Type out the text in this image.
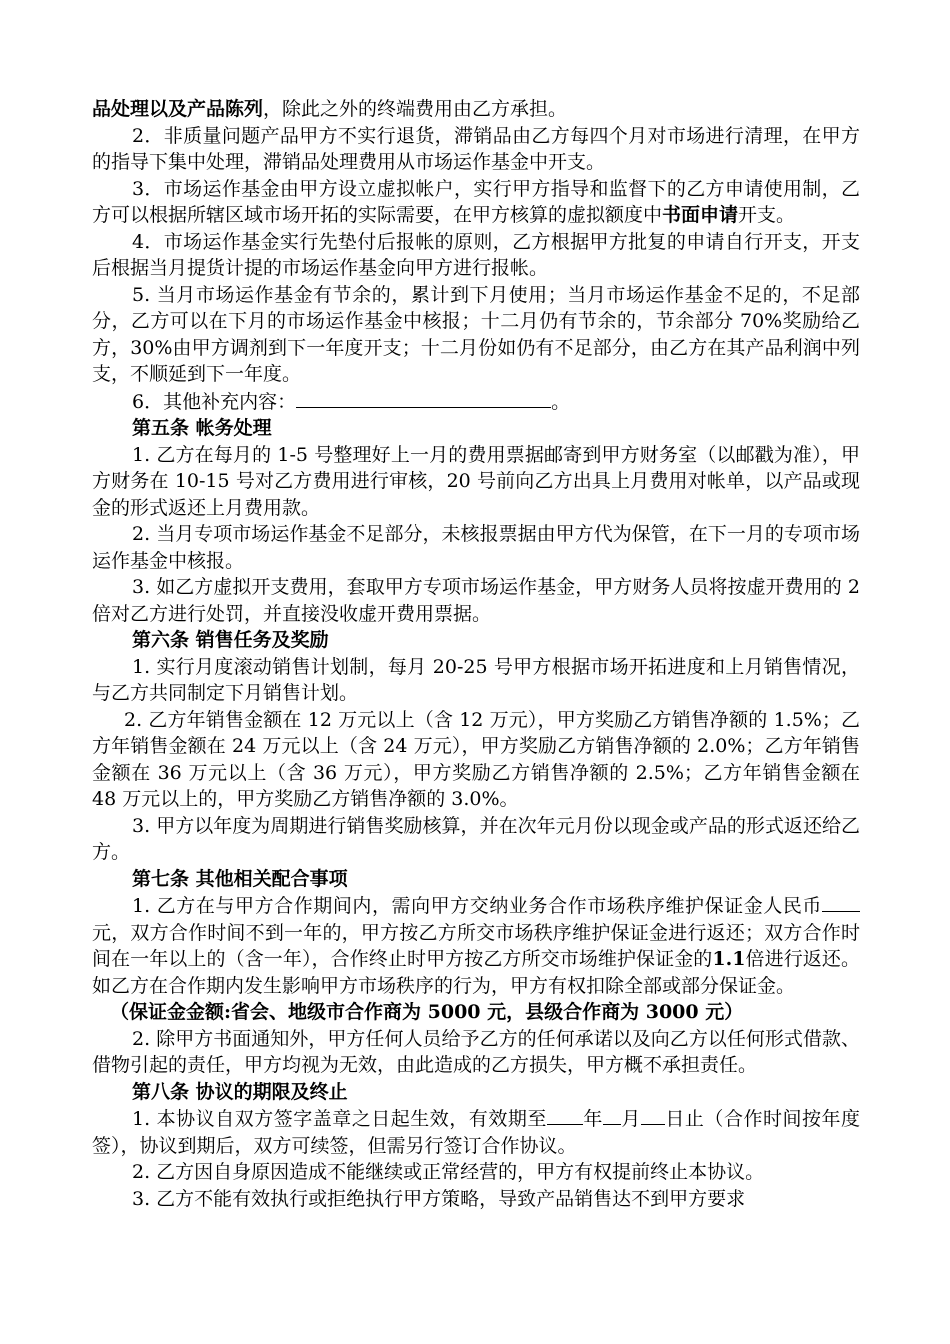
品处理以及产品陈列，除此之外的终端费用由乙方承担。

2．非质量问题产品甲方不实行退货，滞销品由乙方每四个月对市场进行清理，在甲方的指导下集中处理，滞销品处理费用从市场运作基金中开支。

3．市场运作基金由甲方设立虚拟帐户，实行甲方指导和监督下的乙方申请使用制，乙方可以根据所辖区域市场开拓的实际需要，在甲方核算的虚拟额度中书面申请开支。

4．市场运作基金实行先垫付后报帐的原则，乙方根据甲方批复的申请自行开支，开支后根据当月提货计提的市场运作基金向甲方进行报帐。

5. 当月市场运作基金有节余的，累计到下月使用；当月市场运作基金不足的，不足部分，乙方可以在下月的市场运作基金中核报；十二月仍有节余的，节余部分 70%奖励给乙方，30%由甲方调剂到下一年度开支；十二月份如仍有不足部分，由乙方在其产品利润中列支，不顺延到下一年度。

6．其他补充内容：	。

第五条 帐务处理

1. 乙方在每月的 1-5 号整理好上一月的费用票据邮寄到甲方财务室（以邮戳为准），甲方财务在 10-15 号对乙方费用进行审核，20 号前向乙方出具上月费用对帐单，以产品或现金的形式返还上月费用款。

2. 当月专项市场运作基金不足部分，未核报票据由甲方代为保管，在下一月的专项市场运作基金中核报。

3. 如乙方虚拟开支费用，套取甲方专项市场运作基金，甲方财务人员将按虚开费用的 2 倍对乙方进行处罚，并直接没收虚开费用票据。

第六条 销售任务及奖励

1. 实行月度滚动销售计划制，每月 20-25 号甲方根据市场开拓进度和上月销售情况，与乙方共同制定下月销售计划。

2. 乙方年销售金额在 12 万元以上（含 12 万元），甲方奖励乙方销售净额的 1.5%；乙方年销售金额在 24 万元以上（含 24 万元），甲方奖励乙方销售净额的 2.0%；乙方年销售金额在 36 万元以上（含 36 万元），甲方奖励乙方销售净额的 2.5%；乙方年销售金额在 48 万元以上的，甲方奖励乙方销售净额的 3.0%。

3. 甲方以年度为周期进行销售奖励核算，并在次年元月份以现金或产品的形式返还给乙方。

第七条 其他相关配合事项

1. 乙方在与甲方合作期间内，需向甲方交纳业务合作市场秩序维护保证金人民币元，双方合作时间不到一年的，甲方按乙方所交市场秩序维护保证金进行返还；双方合作时间在一年以上的（含一年），合作终止时甲方按乙方所交市场维护保证金的1.1倍进行返还。如乙方在合作期内发生影响甲方市场秩序的行为，甲方有权扣除全部或部分保证金。

（保证金金额:省会、地级市合作商为 5000 元，县级合作商为 3000 元）

2. 除甲方书面通知外，甲方任何人员给予乙方的任何承诺以及向乙方以任何形式借款、借物引起的责任，甲方均视为无效，由此造成的乙方损失，甲方概不承担责任。

第八条 协议的期限及终止

1. 本协议自双方签字盖章之日起生效，有效期至 年 月 日止（合作时间按年度签），协议到期后，双方可续签，但需另行签订合作协议。

2. 乙方因自身原因造成不能继续或正常经营的，甲方有权提前终止本协议。

3. 乙方不能有效执行或拒绝执行甲方策略，导致产品销售达不到甲方要求
